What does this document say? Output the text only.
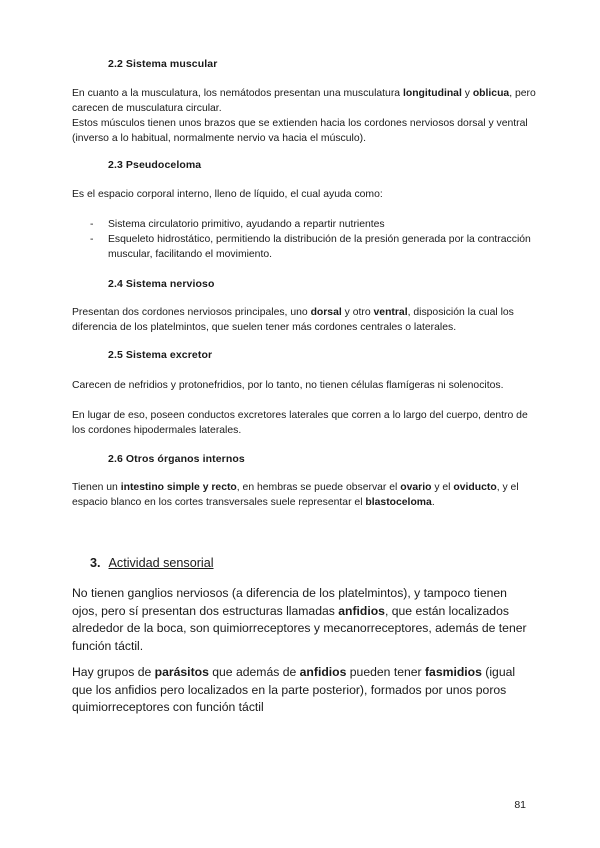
2.2 Sistema muscular
En cuanto a la musculatura, los nemátodos presentan una musculatura longitudinal y oblicua, pero carecen de musculatura circular.
Estos músculos tienen unos brazos que se extienden hacia los cordones nerviosos dorsal y ventral (inverso a lo habitual, normalmente nervio va hacia el músculo).
2.3 Pseudoceloma
Es el espacio corporal interno, lleno de líquido, el cual ayuda como:
- Sistema circulatorio primitivo, ayudando a repartir nutrientes
- Esqueleto hidrostático, permitiendo la distribución de la presión generada por la contracción muscular, facilitando el movimiento.
2.4 Sistema nervioso
Presentan dos cordones nerviosos principales, uno dorsal y otro ventral, disposición la cual los diferencia de los platelmintos, que suelen tener más cordones centrales o laterales.
2.5 Sistema excretor
Carecen de nefridios y protonefridios, por lo tanto, no tienen células flamígeras ni solenocitos.
En lugar de eso, poseen conductos excretores laterales que corren a lo largo del cuerpo, dentro de los cordones hipodermales laterales.
2.6 Otros órganos internos
Tienen un intestino simple y recto, en hembras se puede observar el ovario y el oviducto, y el espacio blanco en los cortes transversales suele representar el blastoceloma.
3. Actividad sensorial
No tienen ganglios nerviosos (a diferencia de los platelmintos), y tampoco tienen ojos, pero sí presentan dos estructuras llamadas anfidios, que están localizados alrededor de la boca, son quimiorreceptores y mecanorreceptores, además de tener función táctil.
Hay grupos de parásitos que además de anfidios pueden tener fasmidios (igual que los anfidios pero localizados en la parte posterior), formados por unos poros quimiorreceptores con función táctil
81
